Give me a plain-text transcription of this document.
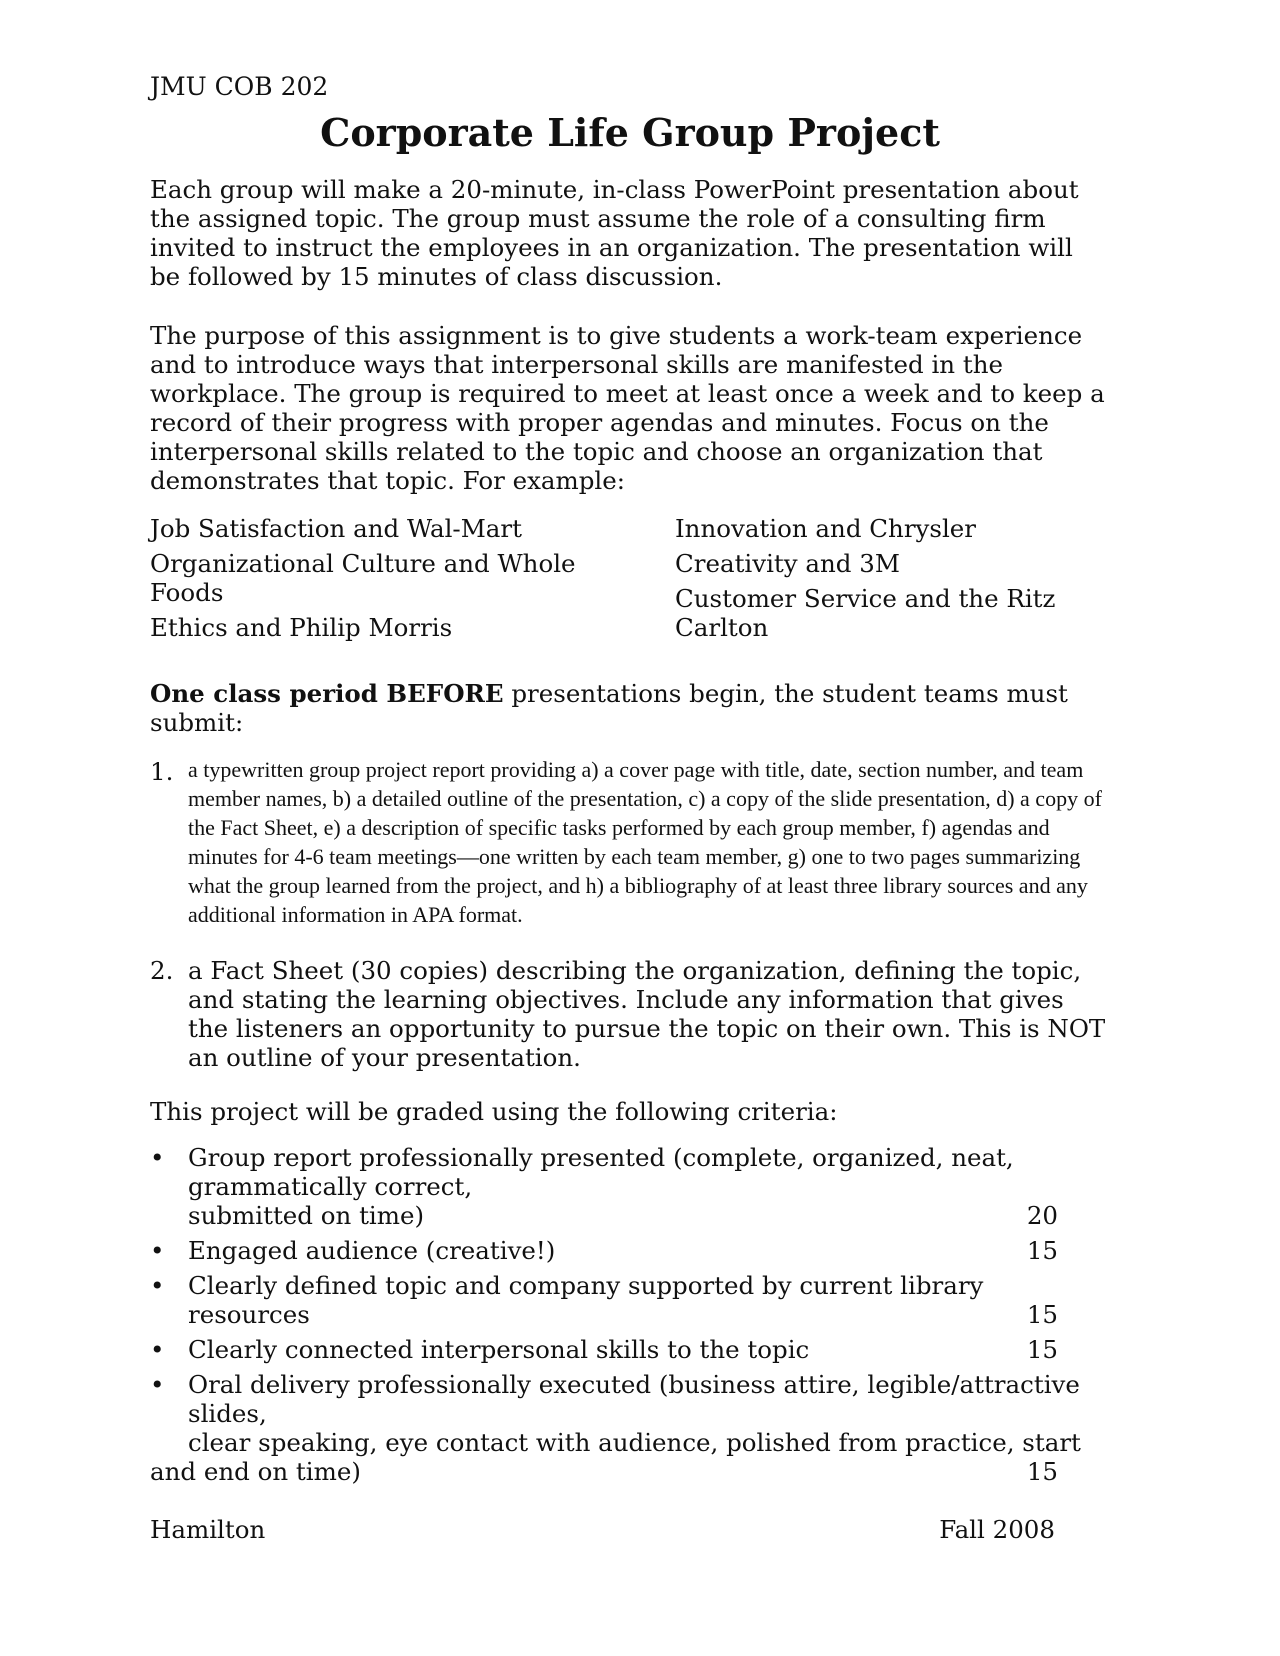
JMU COB 202
Corporate Life Group Project

Each group will make a 20-minute, in-class PowerPoint presentation about the assigned topic. The group must assume the role of a consulting firm invited to instruct the employees in an organization. The presentation will be followed by 15 minutes of class discussion.

The purpose of this assignment is to give students a work-team experience and to introduce ways that interpersonal skills are manifested in the workplace. The group is required to meet at least once a week and to keep a record of their progress with proper agendas and minutes. Focus on the interpersonal skills related to the topic and choose an organization that demonstrates that topic. For example:

Job Satisfaction and Wal-Mart

Organizational Culture and Whole Foods

Ethics and Philip Morris

Innovation and Chrysler

Creativity and 3M

Customer Service and the Ritz Carlton

One class period BEFORE presentations begin, the student teams must submit:

1. a typewritten group project report providing a) a cover page with title, date, section number, and team member names, b) a detailed outline of the presentation, c) a copy of the slide presentation, d) a copy of the Fact Sheet, e) a description of specific tasks performed by each group member, f) agendas and minutes for 4-6 team meetings—one written by each team member, g) one to two pages summarizing what the group learned from the project, and h) a bibliography of at least three library sources and any additional information in APA format.
2. a Fact Sheet (30 copies) describing the organization, defining the topic, and stating the learning objectives. Include any information that gives the listeners an opportunity to pursue the topic on their own. This is NOT an outline of your presentation.

This project will be graded using the following criteria:

• Group report professionally presented (complete, organized, neat, grammatically correct,
submitted on time)	20
• Engaged audience (creative!)	15
• Clearly defined topic and company supported by current library
resources	15
• Clearly connected interpersonal skills to the topic	15
• Oral delivery professionally executed (business attire, legible/attractive slides,
clear speaking, eye contact with audience, polished from practice, start
and end on time)	15
Hamilton	Fall 2008
